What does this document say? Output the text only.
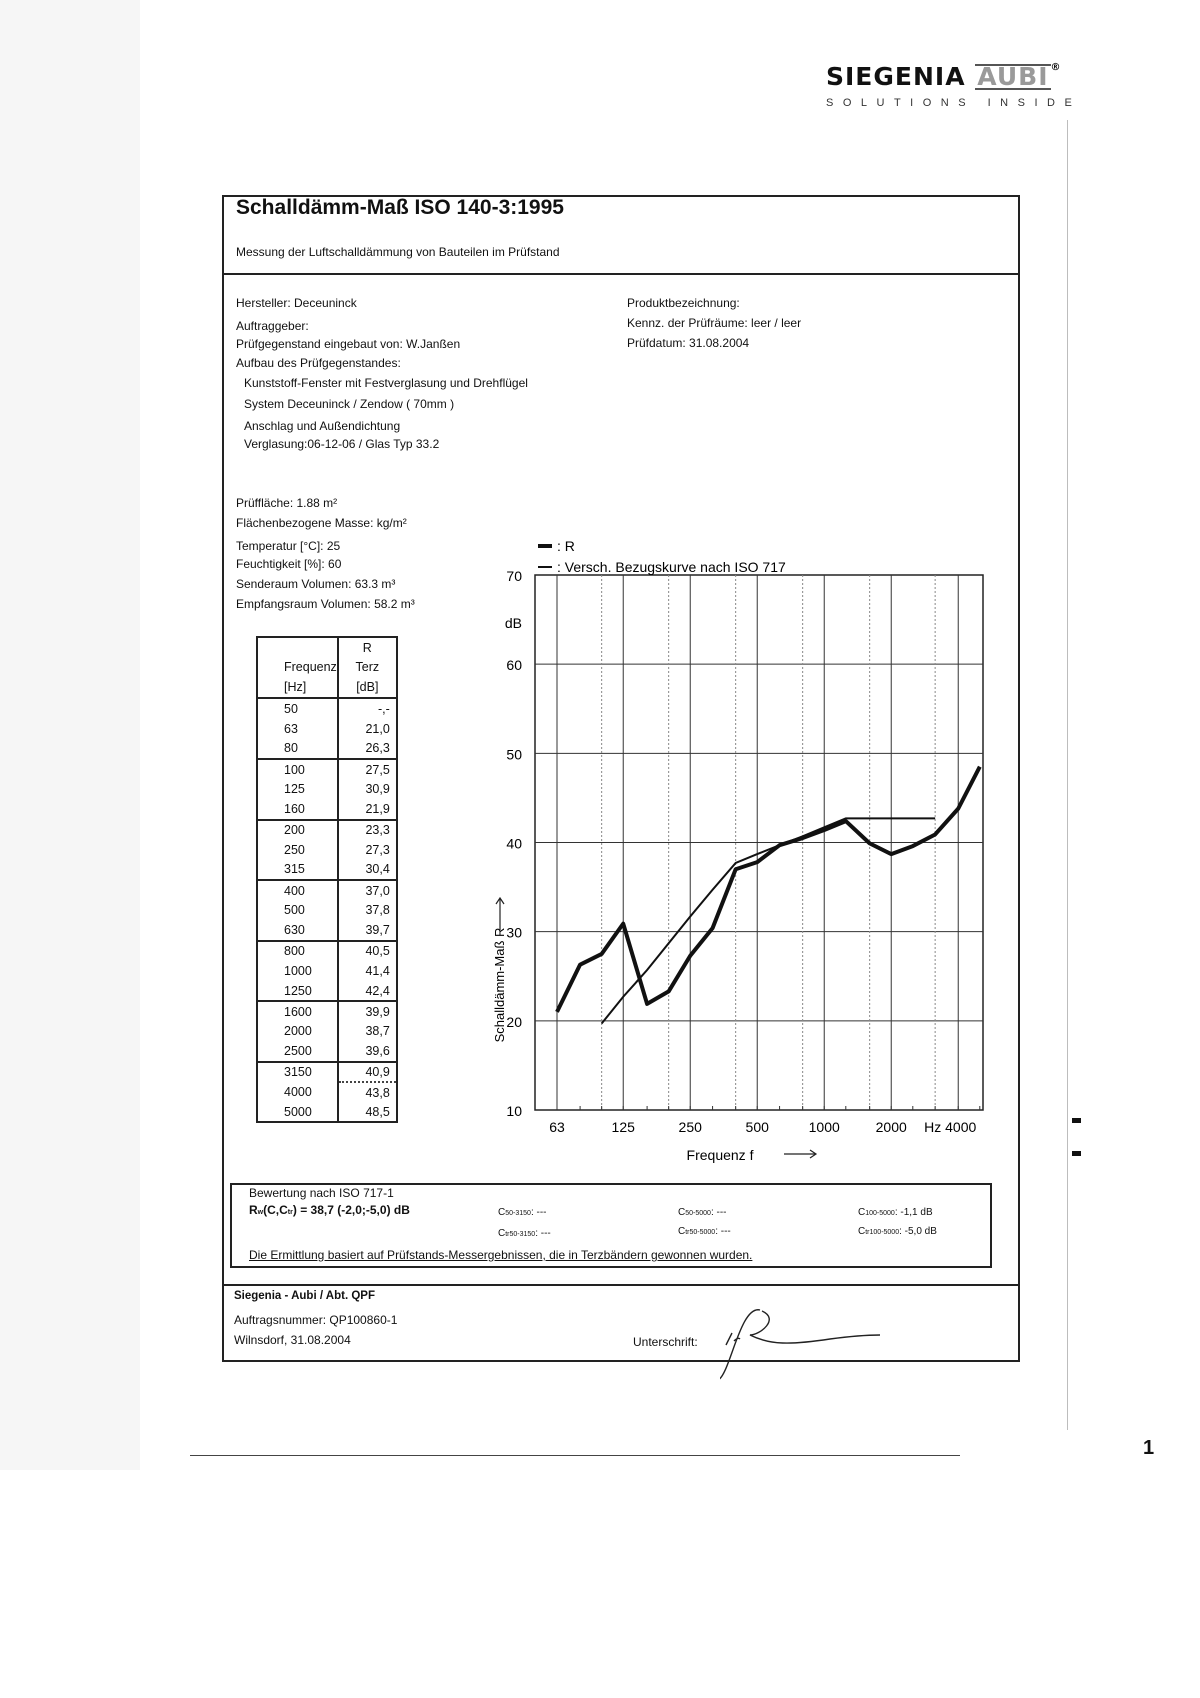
SIEGENIA AUBI ®
SOLUTIONS INSIDE
Schalldämm-Maß ISO 140-3:1995
Messung der Luftschalldämmung von Bauteilen im Prüfstand
Hersteller: Deceuninck
Auftraggeber:
Prüfgegenstand eingebaut von: W.Janßen
Aufbau des Prüfgegenstandes:
Kunststoff-Fenster mit Festverglasung und Drehflügel
System Deceuninck / Zendow ( 70mm )
Anschlag und Außendichtung
Verglasung:06-12-06 / Glas Typ 33.2
Produktbezeichnung:
Kennz. der Prüfräume: leer / leer
Prüfdatum: 31.08.2004
Prüffläche: 1.88 m²
Flächenbezogene Masse: kg/m²
Temperatur [°C]: 25
Feuchtigkeit [%]: 60
Senderaum Volumen: 63.3 m³
Empfangsraum Volumen: 58.2 m³
	R
Frequenz	Terz
[Hz]	[dB]
50	-,-
63	21,0
80	26,3
100	27,5
125	30,9
160	21,9
200	23,3
250	27,3
315	30,4
400	37,0
500	37,8
630	39,7
800	40,5
1000	41,4
1250	42,4
1600	39,9
2000	38,7
2500	39,6
3150	40,9
4000	43,8
5000	48,5	10
20
30
40
50
60
70
dB
63	125	250	500	1000	2000 Hz 4000
Frequenz f
Schalldämm-Maß R
: R
: Versch. Bezugskurve nach ISO 717
Bewertung nach ISO 717-1
Rw(C,Ctr) = 38,7 (-2,0;-5,0) dB	C50-3150: ---	C50-5000: ---	C100-5000: -1,1 dB
Ctr50-3150: ---	Ctr50-5000: ---	Ctr100-5000: -5,0 dB
Die Ermittlung basiert auf Prüfstands-Messergebnissen, die in Terzbändern gewonnen wurden.
Siegenia - Aubi / Abt. QPF
Auftragsnummer: QP100860-1
Wilnsdorf, 31.08.2004	Unterschrift:
1
